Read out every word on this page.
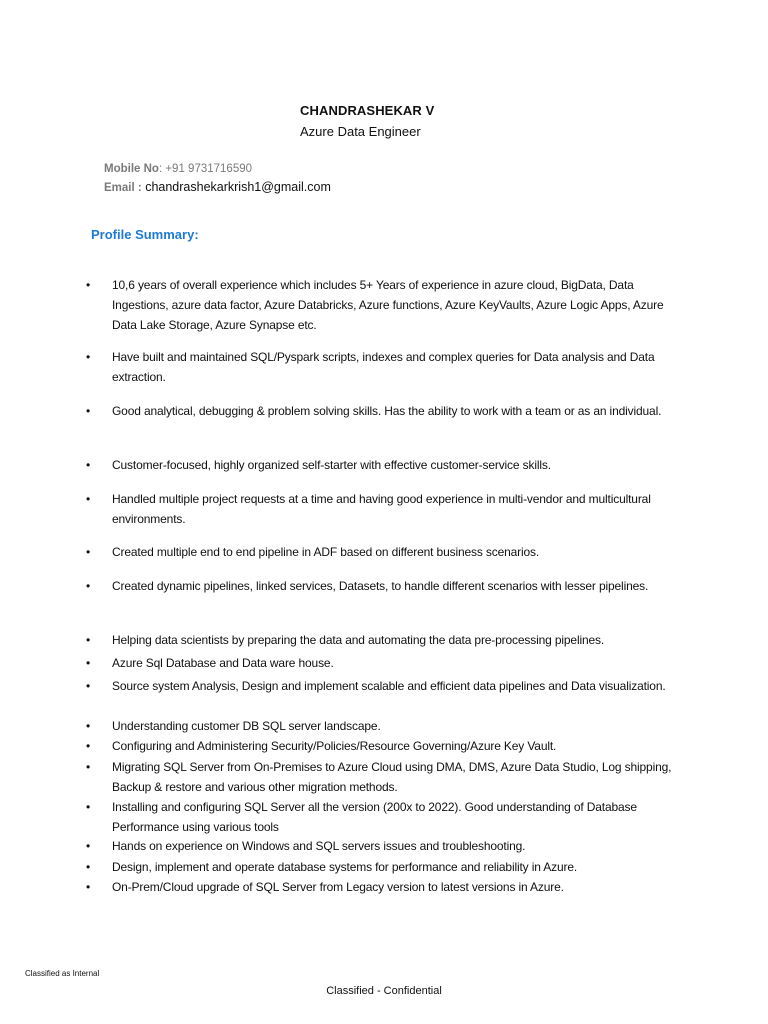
CHANDRASHEKAR V
Azure Data Engineer
Mobile No: +91 9731716590
Email : chandrashekarkrish1@gmail.com
Profile Summary:
•	10,6 years of overall experience which includes 5+ Years of experience in azure cloud, BigData, Data Ingestions, azure data factor, Azure Databricks, Azure functions, Azure KeyVaults, Azure Logic Apps, Azure Data Lake Storage, Azure Synapse etc.
•	Have built and maintained SQL/Pyspark scripts, indexes and complex queries for Data analysis and Data extraction.
•	Good analytical, debugging & problem solving skills. Has the ability to work with a team or as an individual.
•	Customer-focused, highly organized self-starter with effective customer-service skills.
•	Handled multiple project requests at a time and having good experience in multi-vendor and multicultural environments.
•	Created multiple end to end pipeline in ADF based on different business scenarios.
•	Created dynamic pipelines, linked services, Datasets, to handle different scenarios with lesser pipelines.
•	Helping data scientists by preparing the data and automating the data pre-processing pipelines.
•	Azure Sql Database and Data ware house.
•	Source system Analysis, Design and implement scalable and efficient data pipelines and Data visualization.
•	Understanding customer DB SQL server landscape.
•	Configuring and Administering Security/Policies/Resource Governing/Azure Key Vault.
•	Migrating SQL Server from On-Premises to Azure Cloud using DMA, DMS, Azure Data Studio, Log shipping, Backup & restore and various other migration methods.
•	Installing and configuring SQL Server all the version (200x to 2022). Good understanding of Database Performance using various tools
•	Hands on experience on Windows and SQL servers issues and troubleshooting.
•	Design, implement and operate database systems for performance and reliability in Azure.
•	On-Prem/Cloud upgrade of SQL Server from Legacy version to latest versions in Azure.
Classified as Internal
Classified - Confidential
